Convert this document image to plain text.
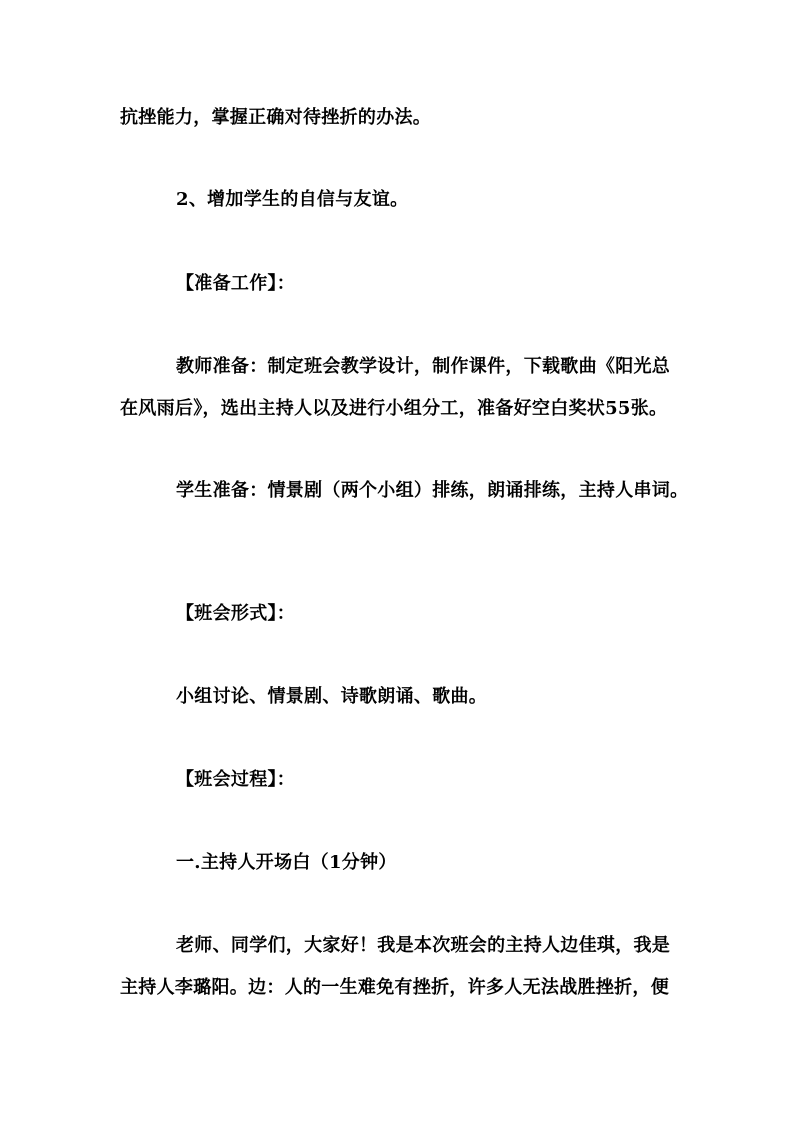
抗挫能力，掌握正确对待挫折的办法。
2、增加学生的自信与友谊。
【准备工作】：
教师准备：制定班会教学设计，制作课件，下载歌曲《阳光总
在风雨后》，选出主持人以及进行小组分工，准备好空白奖状55张。
学生准备：情景剧（两个小组）排练，朗诵排练，主持人串词。
【班会形式】：
小组讨论、情景剧、诗歌朗诵、歌曲。
【班会过程】：
一.主持人开场白（1分钟）
老师、同学们，大家好！我是本次班会的主持人边佳琪，我是
主持人李璐阳。边：人的一生难免有挫折，许多人无法战胜挫折，便
